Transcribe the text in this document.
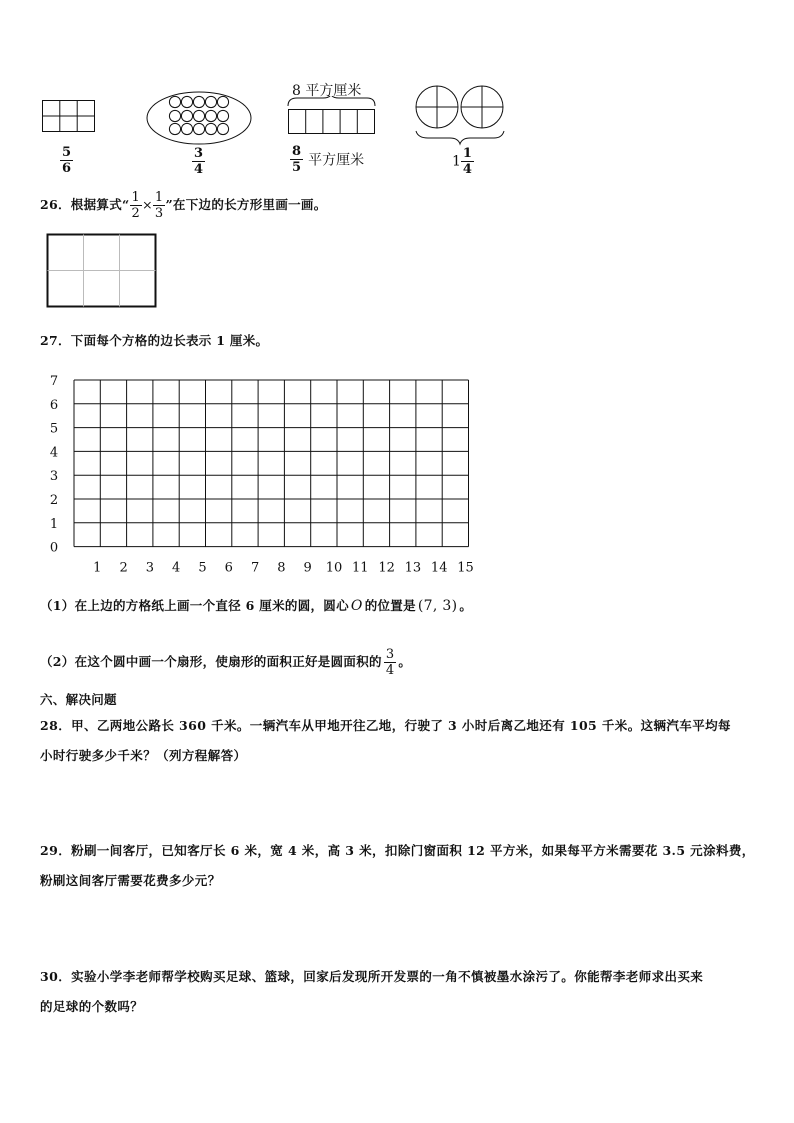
$\frac{5}{6}$	$\frac{3}{4}$
8 平方厘米
$\frac{8}{5}$ 平方厘米	$1 \frac{1}{4}$
26．根据算式“ $\frac{1}{2} \times \frac{1}{3}$ ”在下边的长方形里画一画。
27．下面每个方格的边长表示 1 厘米。
7
6
5
4
3
2
1
0
1 2 3 4 5 6 7 8 9 10 11 12 13 14 15
（1）在上边的方格纸上画一个直径 6 厘米的圆，圆心 O 的位置是 (7, 3) 。
（2）在这个圆中画一个扇形，使扇形的面积正好是圆面积的 $\frac{3}{4}$ 。
六、解决问题
28．甲、乙两地公路长 360 千米。一辆汽车从甲地开往乙地，行驶了 3 小时后离乙地还有 105 千米。这辆汽车平均每
小时行驶多少千米？（列方程解答）
29．粉刷一间客厅，已知客厅长 6 米，宽 4 米，高 3 米，扣除门窗面积 12 平方米，如果每平方米需要花 3.5 元涂料费，
粉刷这间客厅需要花费多少元？
30．实验小学李老师帮学校购买足球、篮球，回家后发现所开发票的一角不慎被墨水涂污了。你能帮李老师求出买来
的足球的个数吗？
